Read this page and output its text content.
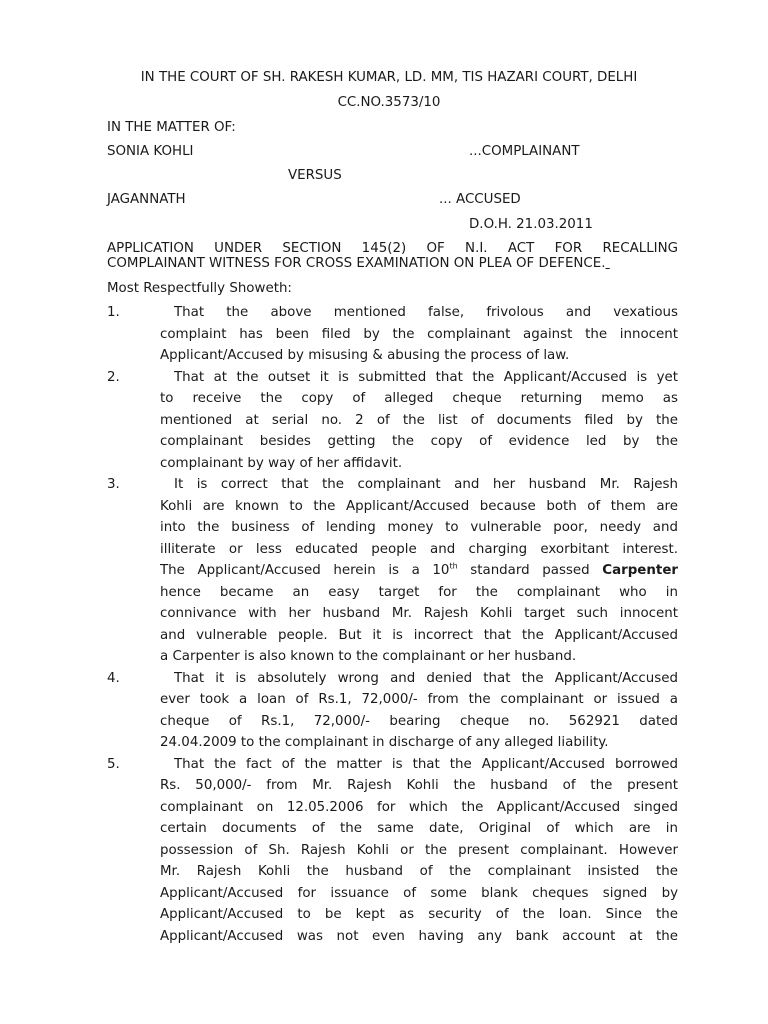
IN THE COURT OF SH. RAKESH KUMAR, LD. MM, TIS HAZARI COURT, DELHI
CC.NO.3573/10
IN THE MATTER OF:
SONIA KOHLI	...COMPLAINANT
VERSUS
JAGANNATH	... ACCUSED
D.O.H. 21.03.2011
APPLICATION UNDER SECTION 145(2) OF N.I. ACT FOR RECALLING
COMPLAINANT WITNESS FOR CROSS EXAMINATION ON PLEA OF DEFENCE.
Most Respectfully Showeth:
1.	That the above mentioned false, frivolous and vexatious
complaint has been filed by the complainant against the innocent
Applicant/Accused by misusing & abusing the process of law.
2.	That at the outset it is submitted that the Applicant/Accused is yet
to receive the copy of alleged cheque returning memo as
mentioned at serial no. 2 of the list of documents filed by the
complainant besides getting the copy of evidence led by the
complainant by way of her affidavit.
3.	It is correct that the complainant and her husband Mr. Rajesh
Kohli are known to the Applicant/Accused because both of them are
into the business of lending money to vulnerable poor, needy and
illiterate or less educated people and charging exorbitant interest.
The Applicant/Accused herein is a 10th standard passed Carpenter
hence became an easy target for the complainant who in
connivance with her husband Mr. Rajesh Kohli target such innocent
and vulnerable people. But it is incorrect that the Applicant/Accused
a Carpenter is also known to the complainant or her husband.
4.	That it is absolutely wrong and denied that the Applicant/Accused
ever took a loan of Rs.1, 72,000/- from the complainant or issued a
cheque of Rs.1, 72,000/- bearing cheque no. 562921 dated
24.04.2009 to the complainant in discharge of any alleged liability.
5.	That the fact of the matter is that the Applicant/Accused borrowed
Rs. 50,000/- from Mr. Rajesh Kohli the husband of the present
complainant on 12.05.2006 for which the Applicant/Accused singed
certain documents of the same date, Original of which are in
possession of Sh. Rajesh Kohli or the present complainant. However
Mr. Rajesh Kohli the husband of the complainant insisted the
Applicant/Accused for issuance of some blank cheques signed by
Applicant/Accused to be kept as security of the loan. Since the
Applicant/Accused was not even having any bank account at the
